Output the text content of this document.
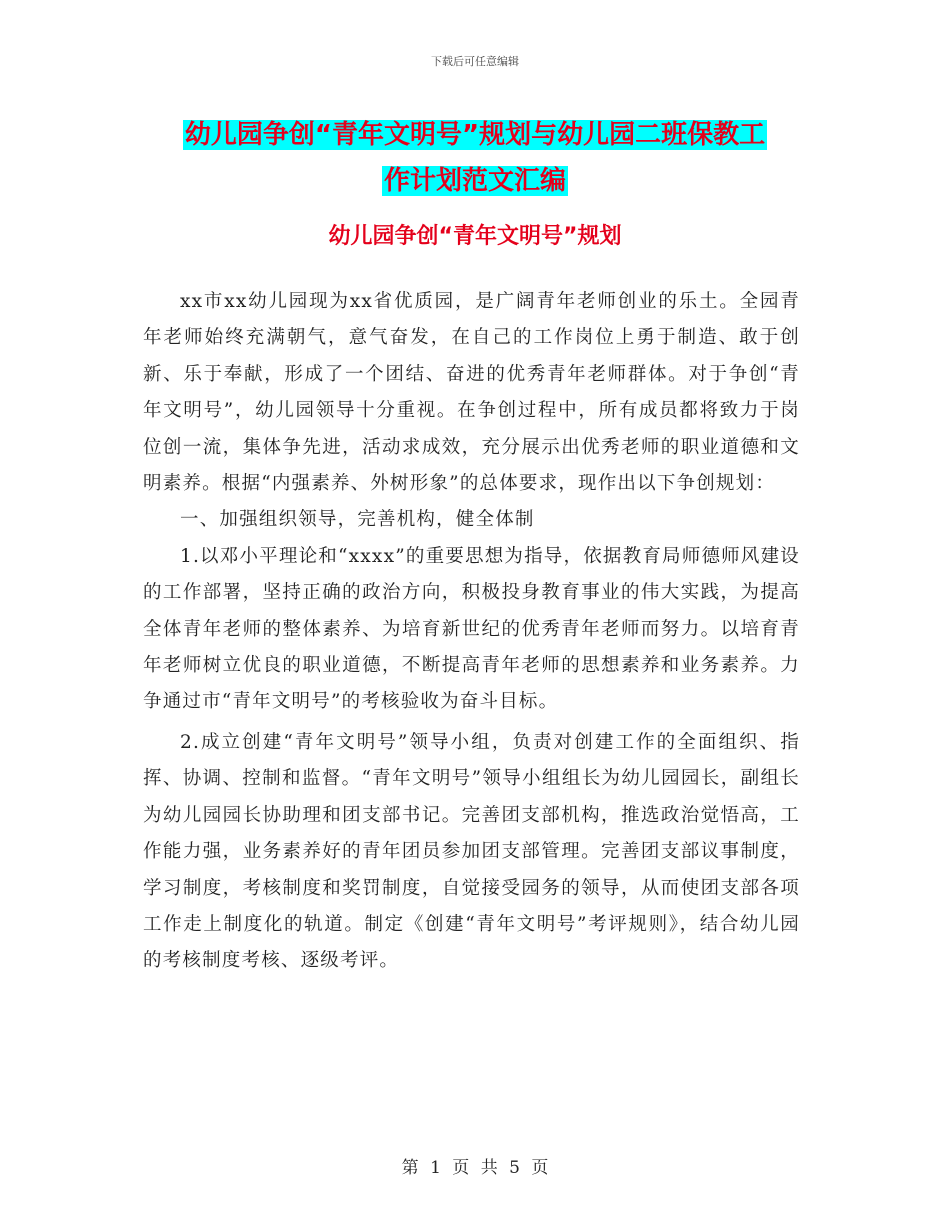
下载后可任意编辑
幼儿园争创“青年文明号”规划与幼儿园二班保教工
作计划范文汇编
幼儿园争创“青年文明号”规划

xx市xx幼儿园现为xx省优质园，是广阔青年老师创业的乐土。全园青年老师始终充满朝气，意气奋发，在自己的工作岗位上勇于制造、敢于创新、乐于奉献，形成了一个团结、奋进的优秀青年老师群体。对于争创“青年文明号”，幼儿园领导十分重视。在争创过程中，所有成员都将致力于岗位创一流，集体争先进，活动求成效，充分展示出优秀老师的职业道德和文明素养。根据“内强素养、外树形象”的总体要求，现作出以下争创规划：

一、加强组织领导，完善机构，健全体制

1.以邓小平理论和“xxxx”的重要思想为指导，依据教育局师德师风建设的工作部署，坚持正确的政治方向，积极投身教育事业的伟大实践，为提高全体青年老师的整体素养、为培育新世纪的优秀青年老师而努力。以培育青年老师树立优良的职业道德，不断提高青年老师的思想素养和业务素养。力争通过市“青年文明号”的考核验收为奋斗目标。

2.成立创建“青年文明号”领导小组，负责对创建工作的全面组织、指挥、协调、控制和监督。“青年文明号”领导小组组长为幼儿园园长，副组长为幼儿园园长协助理和团支部书记。完善团支部机构，推选政治觉悟高，工作能力强，业务素养好的青年团员参加团支部管理。完善团支部议事制度，学习制度，考核制度和奖罚制度，自觉接受园务的领导，从而使团支部各项工作走上制度化的轨道。制定《创建“青年文明号”考评规则》，结合幼儿园的考核制度考核、逐级考评。

第 1 页 共 5 页
